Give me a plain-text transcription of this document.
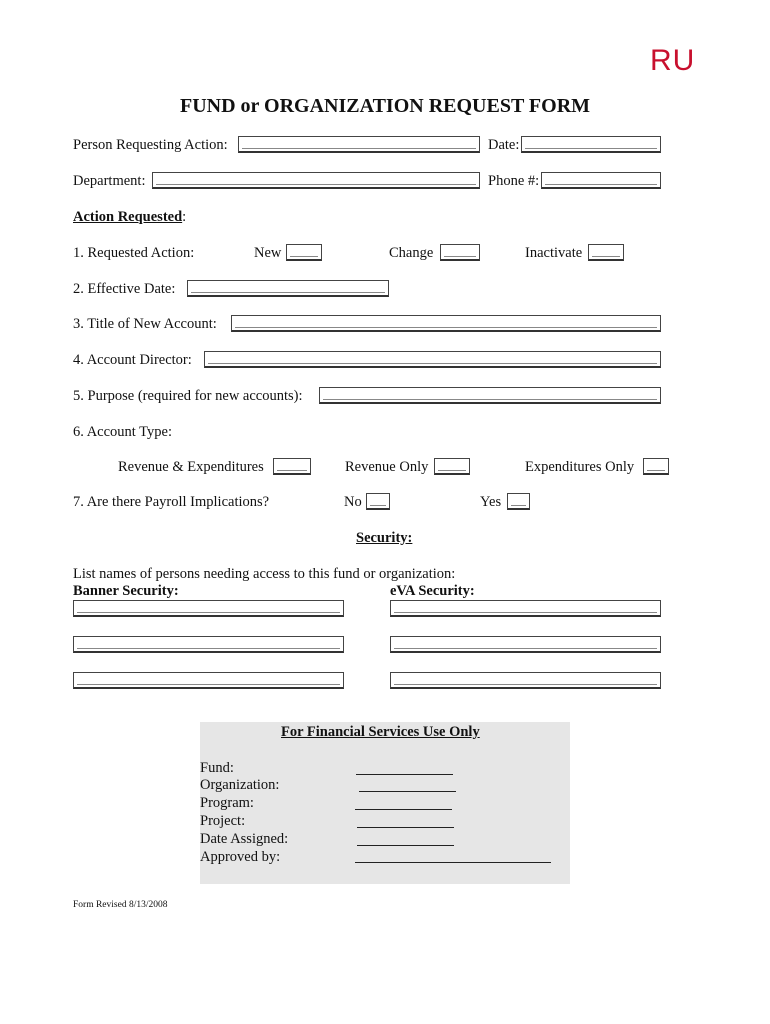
RU
FUND or ORGANIZATION REQUEST FORM
Person Requesting Action:	Date:
Department:	Phone #:
Action Requested:
1. Requested Action:	New	Change	Inactivate
2. Effective Date:
3. Title of New Account:
4. Account Director:
5. Purpose (required for new accounts):
6. Account Type:
Revenue & Expenditures	Revenue Only	Expenditures Only
7. Are there Payroll Implications?	No	Yes
Security:
List names of persons needing access to this fund or organization:
Banner Security:	eVA Security:
For Financial Services Use Only
Fund:
Organization:
Program:
Project:
Date Assigned:
Approved by:
Form Revised 8/13/2008
